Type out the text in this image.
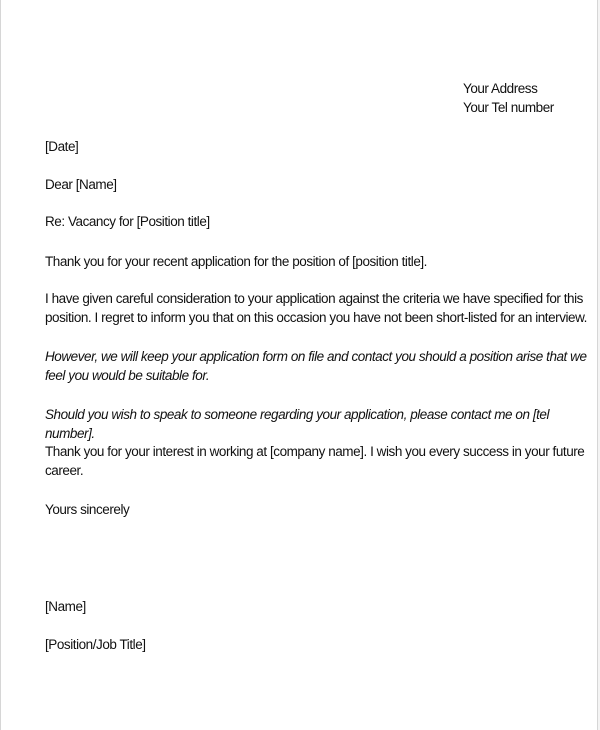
Your Address
Your Tel number
[Date]
Dear [Name]
Re: Vacancy for [Position title]
Thank you for your recent application for the position of [position title].
I have given careful consideration to your application against the criteria we have specified for this
position. I regret to inform you that on this occasion you have not been short-listed for an interview.
However, we will keep your application form on file and contact you should a position arise that we
feel you would be suitable for.
Should you wish to speak to someone regarding your application, please contact me on [tel number].
Thank you for your interest in working at [company name]. I wish you every success in your future
career.
Yours sincerely
[Name]
[Position/Job Title]
